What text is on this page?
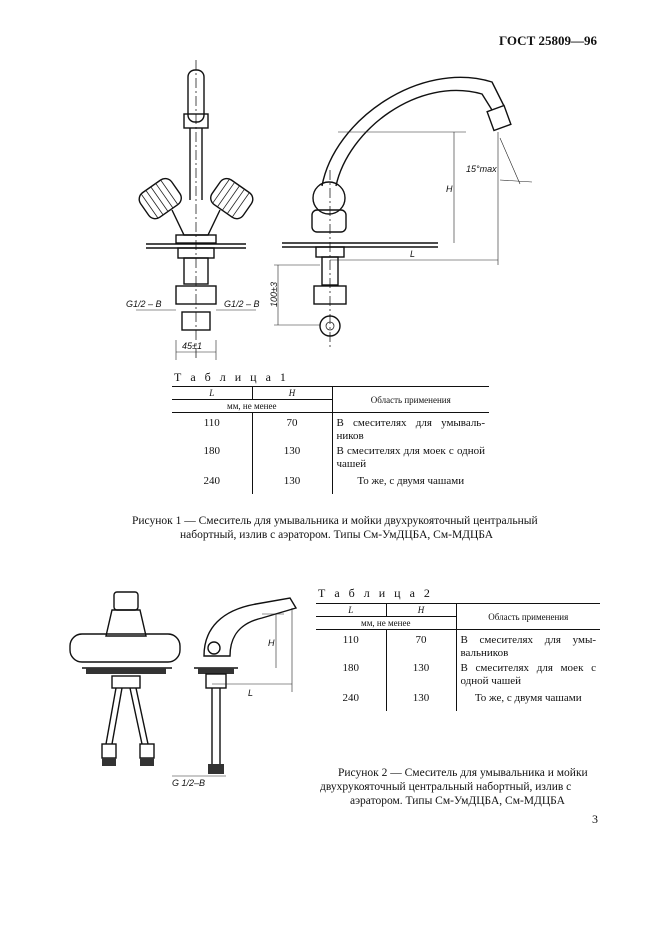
ГОСТ 25809—96
G1/2 – B	G1/2 – B
45±1
100±3
H
L
15°max
Т а б л и ц а 1
L	H	Область применения
мм, не менее		
110	70	В смесителях для умываль-ников
180	130	В смесителях для моек с одной чашей
240	130	То же, с двумя чашами
Рисунок 1 — Смеситель для умывальника и мойки двухрукояточный центральный
набортный, излив с аэратором. Типы См-УмДЦБА, См-МДЦБА
H
L
G 1/2–B
Т а б л и ц а 2
L	H	Область применения
мм, не менее		
110	70	В смесителях для умы-вальников
180	130	В смесителях для моек с одной чашей
240	130	То же, с двумя чашами
Рисунок 2 — Смеситель для умывальника и мойки
двухрукояточный центральный набортный, излив с
аэратором. Типы См-УмДЦБА, См-МДЦБА
3
